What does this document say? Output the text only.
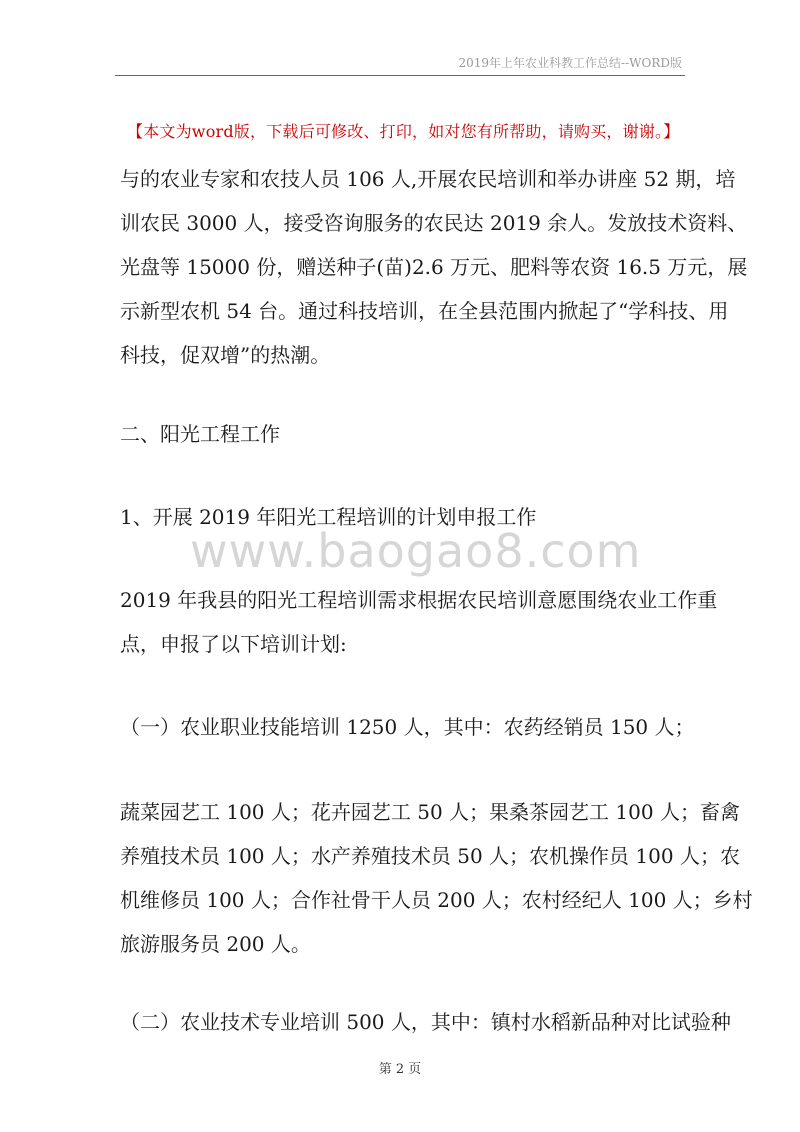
2019年上年农业科教工作总结--WORD版
【本文为word版，下载后可修改、打印，如对您有所帮助，请购买，谢谢。】
与的农业专家和农技人员 106 人,开展农民培训和举办讲座 52 期，培
训农民 3000 人，接受咨询服务的农民达 2019 余人。发放技术资料、
光盘等 15000 份，赠送种子(苗)2.6 万元、肥料等农资 16.5 万元，展
示新型农机 54 台。通过科技培训，在全县范围内掀起了“学科技、用
科技，促双增”的热潮。
二、阳光工程工作
1、开展 2019 年阳光工程培训的计划申报工作
www.baogao8.com
2019 年我县的阳光工程培训需求根据农民培训意愿围绕农业工作重
点，申报了以下培训计划:
（一）农业职业技能培训 1250 人，其中：农药经销员 150 人；
蔬菜园艺工 100 人；花卉园艺工 50 人；果桑茶园艺工 100 人；畜禽
养殖技术员 100 人；水产养殖技术员 50 人；农机操作员 100 人；农
机维修员 100 人；合作社骨干人员 200 人；农村经纪人 100 人；乡村
旅游服务员 200 人。
（二）农业技术专业培训 500 人，其中：镇村水稻新品种对比试验种
第 2 页
